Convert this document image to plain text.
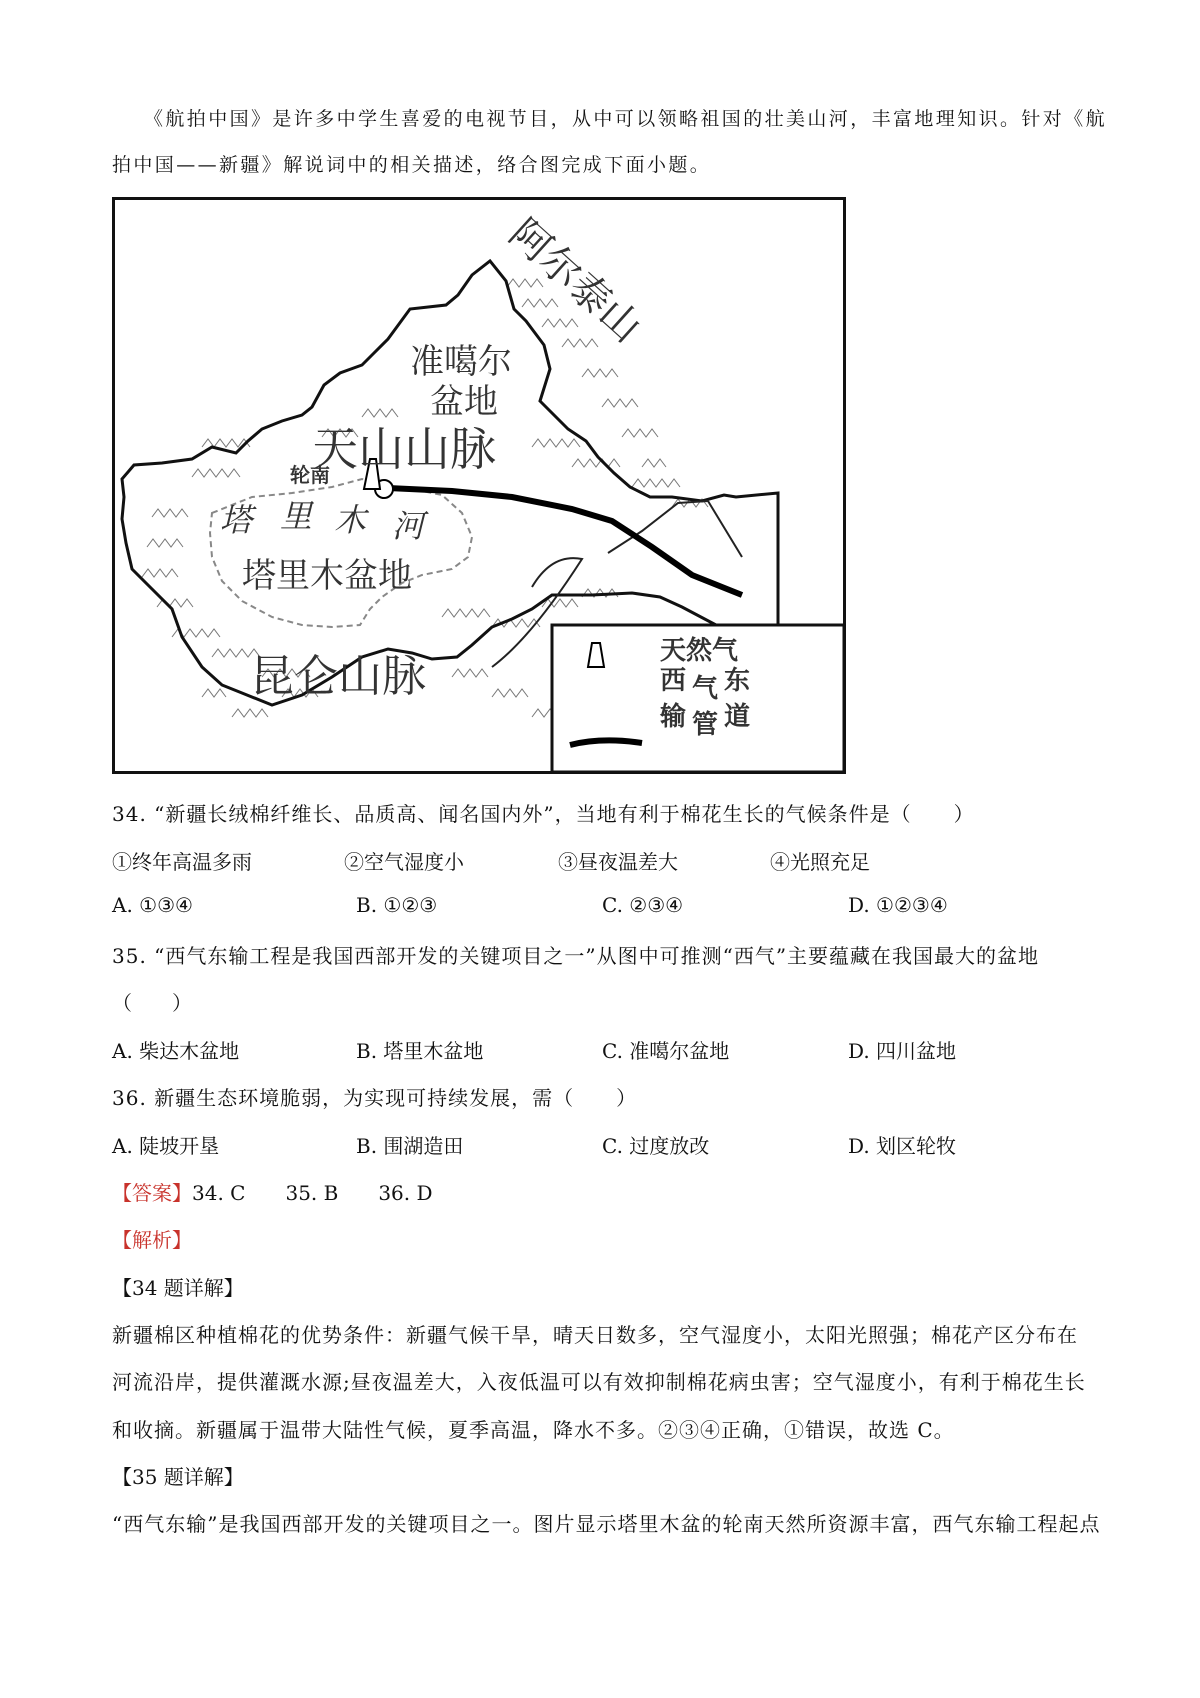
《航拍中国》是许多中学生喜爱的电视节目，从中可以领略祖国的壮美山河，丰富地理知识。针对《航
拍中国——新疆》解说词中的相关描述，络合图完成下面小题。
阿尔泰山
准噶尔
盆地
天山山脉
轮南
塔 里 木 河
塔里木盆地
昆仑山脉	天然气
西 气 东
输 管 道
34. “新疆长绒棉纤维长、品质高、闻名国内外”，当地有利于棉花生长的气候条件是（　　）
①终年高温多雨	②空气湿度小	③昼夜温差大	④光照充足
A. ①③④	B. ①②③	C. ②③④	D. ①②③④
35. “西气东输工程是我国西部开发的关键项目之一”从图中可推测“西气”主要蕴藏在我国最大的盆地
（　　）
A. 柴达木盆地	B. 塔里木盆地	C. 准噶尔盆地	D. 四川盆地
36. 新疆生态环境脆弱，为实现可持续发展，需（　　）
A. 陡坡开垦	B. 围湖造田	C. 过度放改	D. 划区轮牧
【答案】34. C　　35. B　　36. D
【解析】
【34 题详解】
新疆棉区种植棉花的优势条件：新疆气候干旱，晴天日数多，空气湿度小，太阳光照强；棉花产区分布在
河流沿岸，提供灌溉水源;昼夜温差大，入夜低温可以有效抑制棉花病虫害；空气湿度小，有利于棉花生长
和收摘。新疆属于温带大陆性气候，夏季高温，降水不多。②③④正确，①错误，故选 C。
【35 题详解】
“西气东输”是我国西部开发的关键项目之一。图片显示塔里木盆的轮南天然所资源丰富，西气东输工程起点
